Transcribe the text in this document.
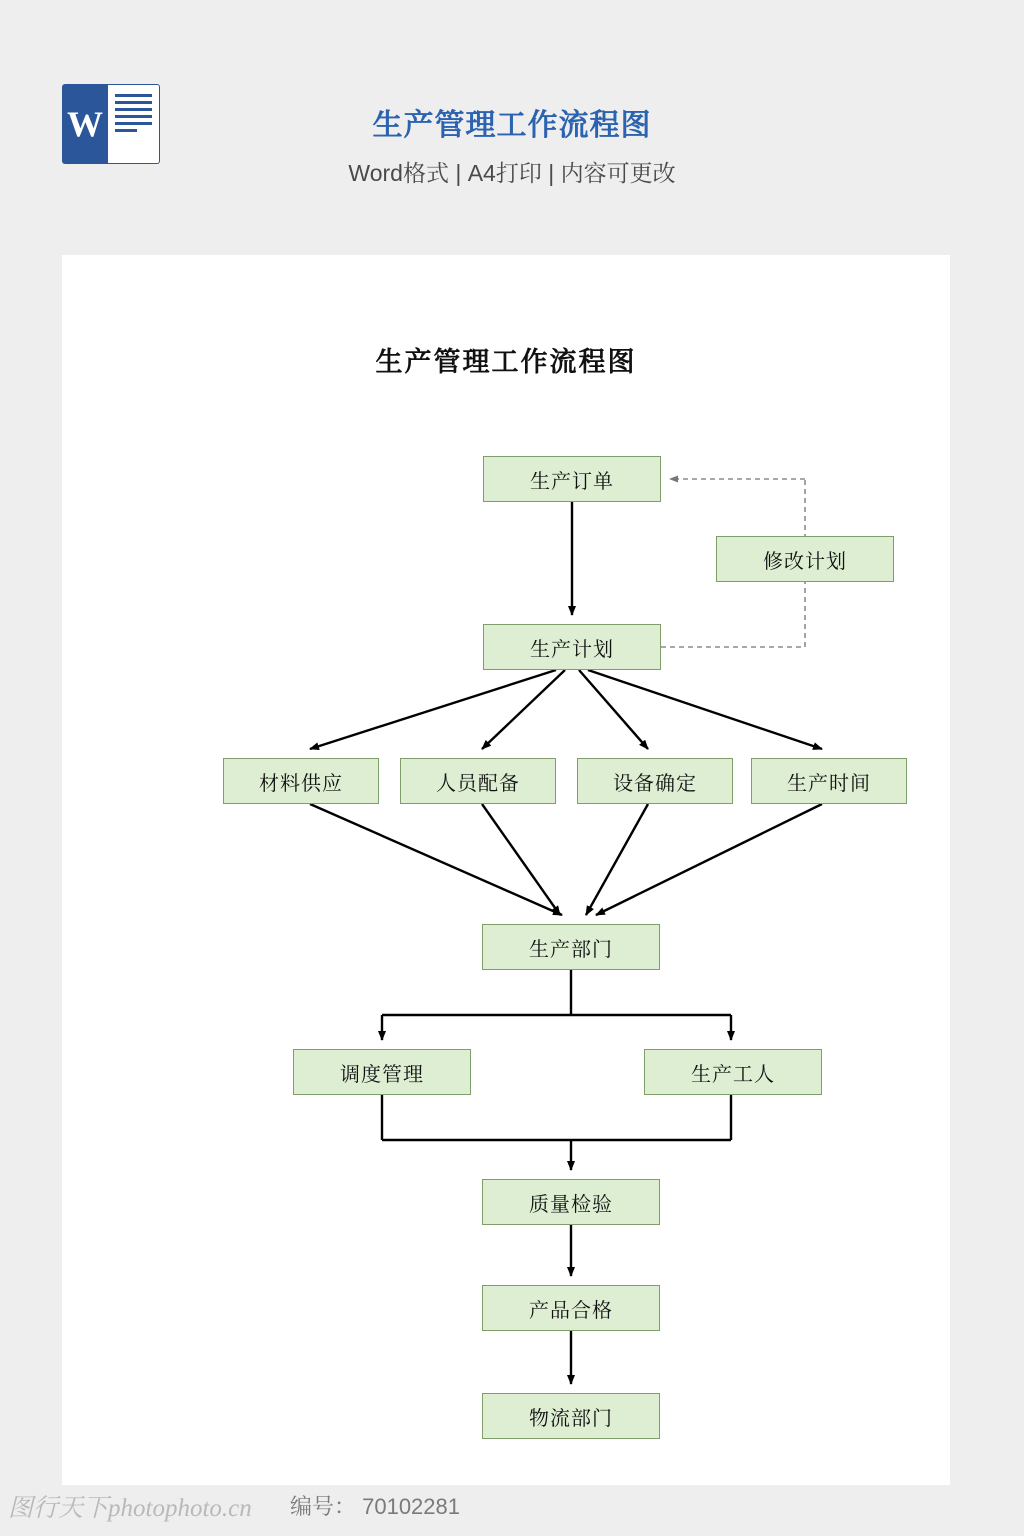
W	生产管理工作流程图
Word格式 | A4打印 | 内容可更改
生产管理工作流程图
生产订单
修改计划
生产计划
材料供应	人员配备	设备确定	生产时间
生产部门
调度管理	生产工人
质量检验
产品合格
物流部门
图行天下photophoto.cn 编号： 70102281
